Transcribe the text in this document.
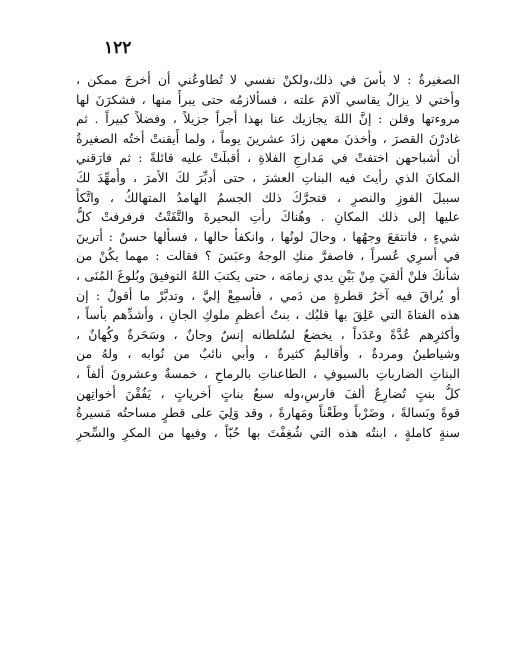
١٢٢
الصغيرةُ : لا بأسَ في ذلك،ولكنْ نفسي لا تُطاوعُني أن أخرجَ ممكن ،
وأختي لا يزالُ يقاسي آلامَ علته ، فسألازمُه حتى يبرأَ منها ، فشكرَنَ لها
مروءتها وقلن : إنَّ اللهَ يجازيك عنا بهذا أجراً جزيلاً ، وفضلاً كبيراً . ثم
غادرْنَ القصرَ ، وأخذنَ معهن زادَ عشرينَ يوماً ، ولما أَيقنتْ أختُه الصغيرةُ
أن أشباحهن اختفتْ في مَدارجِ الفلاةِ ، أقبلَتْ عليه قائلةً : ثم فارَقني
المكانَ الذي رأيتَ فيه البناتِ العشرَ ، حتى أدبِّرَ لكَ الأمرَ ، وأُمهِّدَ لكَ
سبيلَ الفوزِ والنصرِ ، فتحرَّكَ ذلك الجسمُ الهامدُ المتهالكُ ، واتَّكأَ
عليها إلى ذلك المكانِ . وهُناكَ رأتِ البحيرةَ والتَّفَتْتُ فرفرفتْ كلُّ
شيءٍ ، فانتقعَ وجهُها ، وحالَ لونُها ، وانكفأ حالها ، فسألها حسنٌ : أترينَ
في أسرِي عُسراً ، فاصفرَّ منكِ الوجهُ وعبَسَ ؟ فقالت : مهما يكُنْ من
شأنكَ فلنْ ألقيَ مِنْ بَيْنِ يدي زمامَه ، حتى يكتبَ اللهُ التوفيقَ وبُلوغَ المُنَى ،
أو يُراقَ فيه آخرُ قطرةٍ من دَمي ، فأسمِعْ إليَّ ، وتدبَّرْ ما أقولُ : إن
هذه الفتاةَ التي عَلِقَ بها قلبُك ، بنتُ أعظمِ ملوكِ الجانِ ، وأشدِّهم بأساً ،
وأكثرِهم عُدَّةً وعَدَداً ، يخضعُ لسُلطانه إنسٌ وجانٌ ، وسَحَرةٌ وكُهانٌ ،
وشياطينُ ومردةٌ ، وأقاليمُ كثيرةٌ ، وأبي نائبٌ من نُوابه ، ولهُ من
البناتِ الضارباتِ بالسيوفِ ، الطاعناتِ بالرماحِ ، خمسةٌ وعشرونَ ألفاً ،
كلُّ بنتٍ تُضارِعُ ألفَ فارسٍ،وله سبعُ بناتٍ أخرياتٍ ، يَفُقْنَ أخواتِهن
قوةً وبَسالةً ، وضَرْباً وطَعْناً ومَهارةً ، وقد وَلِيَ على قطرٍ مساحتُه مَسيرةُ
سنةٍ كاملةٍ ، ابنتُه هذه التي شُغِفْتَ بها حُبّاً ، وفيها من المكرِ والسِّحرِ
